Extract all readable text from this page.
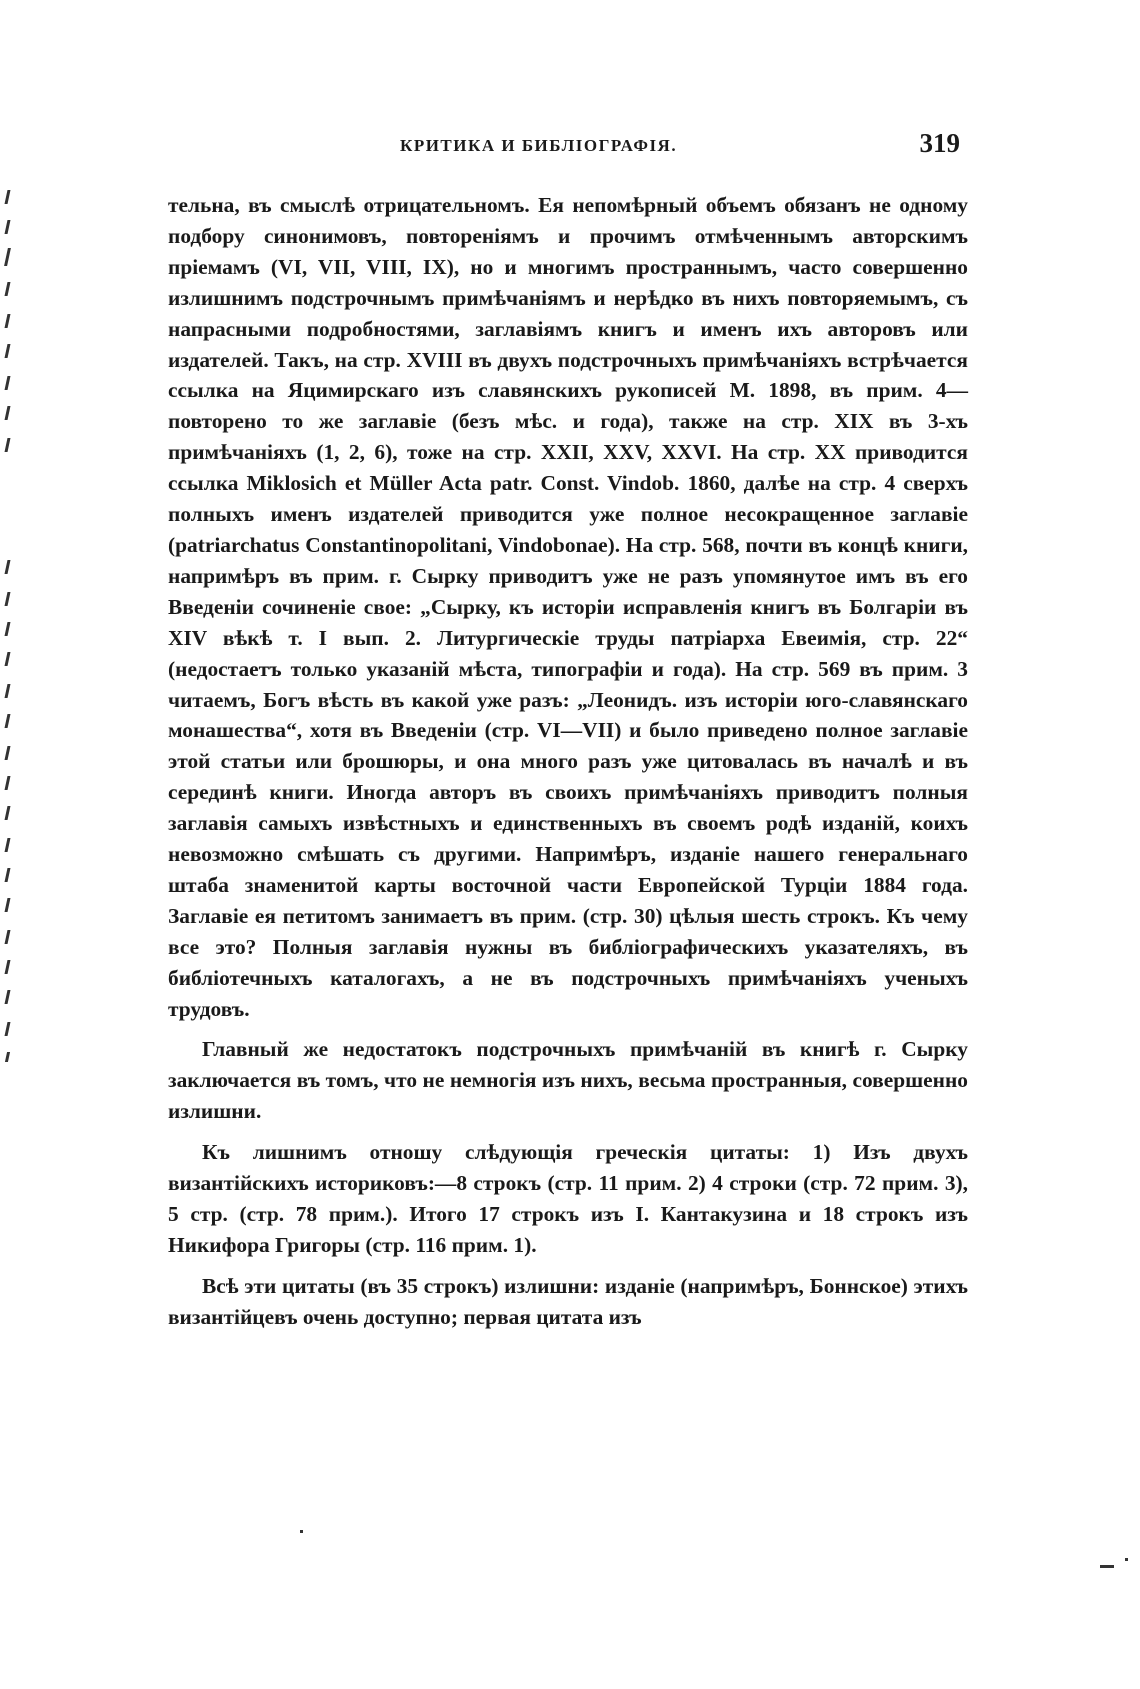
КРИТИКА И БИБЛІОГРАФІЯ.	319

тельна, въ смыслѣ отрицательномъ. Ея непомѣрный объемъ обязанъ не одному подбору синонимовъ, повтореніямъ и прочимъ отмѣченнымъ авторскимъ пріемамъ (VI, VII, VIII, IX), но и многимъ пространнымъ, часто совершенно излишнимъ подстрочнымъ примѣчаніямъ и нерѣдко въ нихъ повторяемымъ, съ напрасными подробностями, заглавіямъ книгъ и именъ ихъ авторовъ или издателей. Такъ, на стр. XVIII въ двухъ подстрочныхъ примѣчаніяхъ встрѣчается ссылка на Яцимирскаго изъ славянскихъ рукописей М. 1898, въ прим. 4—повторено то же заглавіе (безъ мѣс. и года), также на стр. XIX въ 3-хъ примѣчаніяхъ (1, 2, 6), тоже на стр. XXII, XXV, XXVI. На стр. XX приводится ссылка Miklosich et Müller Acta patr. Const. Vindob. 1860, далѣе на стр. 4 сверхъ полныхъ именъ издателей приводится уже полное несокращенное заглавіе (patriarchatus Constantinopolitani, Vindobonae). На стр. 568, почти въ концѣ книги, напримѣръ въ прим. г. Сырку приводитъ уже не разъ упомянутое имъ въ его Введеніи сочиненіе свое: „Сырку, къ исторіи исправленія книгъ въ Болгаріи въ XIV вѣкѣ т. I вып. 2. Литургическіе труды патріарха Евеимія, стр. 22“ (недостаетъ только указаній мѣста, типографіи и года). На стр. 569 въ прим. 3 читаемъ, Богъ вѣсть въ какой уже разъ: „Леонидъ. изъ исторіи юго-славянскаго монашества“, хотя въ Введеніи (стр. VI—VII) и было приведено полное заглавіе этой статьи или брошюры, и она много разъ уже цитовалась въ началѣ и въ серединѣ книги. Иногда авторъ въ своихъ примѣчаніяхъ приводитъ полныя заглавія самыхъ извѣстныхъ и единственныхъ въ своемъ родѣ изданій, коихъ невозможно смѣшать съ другими. Напримѣръ, изданіе нашего генеральнаго штаба знаменитой карты восточной части Европейской Турціи 1884 года. Заглавіе ея петитомъ занимаетъ въ прим. (стр. 30) цѣлыя шесть строкъ. Къ чему все это? Полныя заглавія нужны въ библіографическихъ указателяхъ, въ библіотечныхъ каталогахъ, а не въ подстрочныхъ примѣчаніяхъ ученыхъ трудовъ.

Главный же недостатокъ подстрочныхъ примѣчаній въ книгѣ г. Сырку заключается въ томъ, что не немногія изъ нихъ, весьма пространныя, совершенно излишни.

Къ лишнимъ отношу слѣдующія греческія цитаты: 1) Изъ двухъ византійскихъ историковъ:—8 строкъ (стр. 11 прим. 2) 4 строки (стр. 72 прим. 3), 5 стр. (стр. 78 прим.). Итого 17 строкъ изъ I. Кантакузина и 18 строкъ изъ Никифора Григоры (стр. 116 прим. 1).

Всѣ эти цитаты (въ 35 строкъ) излишни: изданіе (напримѣръ, Боннское) этихъ византійцевъ очень доступно; первая цитата изъ
